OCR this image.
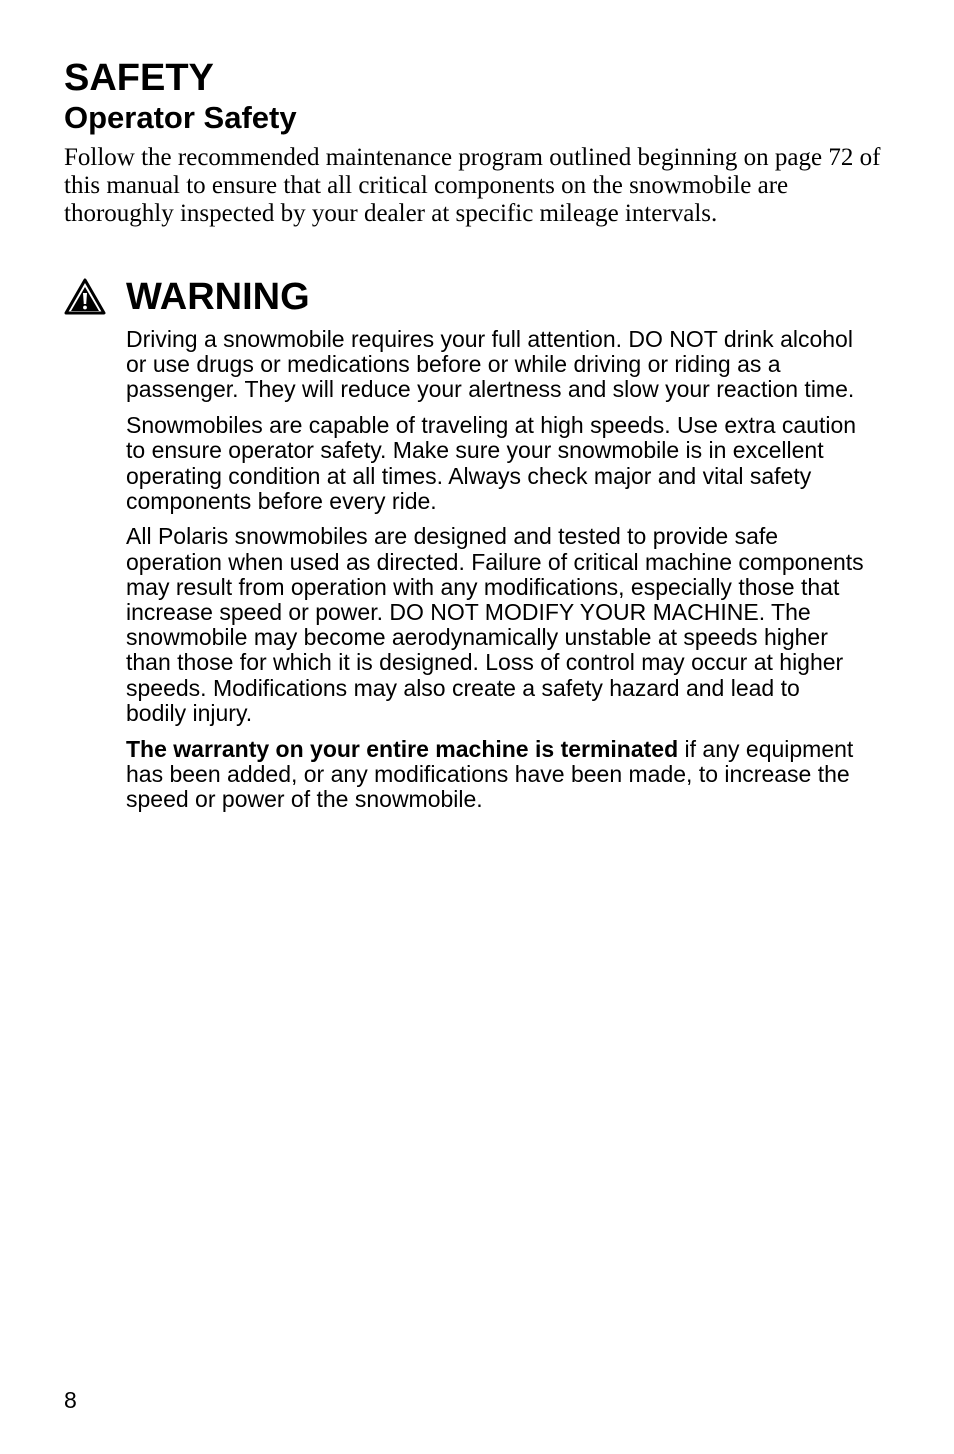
SAFETY
Operator Safety

Follow the recommended maintenance program outlined beginning on page 72 of this manual to ensure that all critical components on the snowmobile are thoroughly inspected by your dealer at specific mileage intervals.

WARNING

Driving a snowmobile requires your full attention. DO NOT drink alcohol or use drugs or medications before or while driving or riding as a passenger. They will reduce your alertness and slow your reaction time.

Snowmobiles are capable of traveling at high speeds. Use extra caution to ensure operator safety. Make sure your snowmobile is in excellent operating condition at all times. Always check major and vital safety components before every ride.

All Polaris snowmobiles are designed and tested to provide safe operation when used as directed. Failure of critical machine components may result from operation with any modifications, especially those that increase speed or power. DO NOT MODIFY YOUR MACHINE. The snowmobile may become aerodynamically unstable at speeds higher than those for which it is designed. Loss of control may occur at higher speeds. Modifications may also create a safety hazard and lead to bodily injury.

The warranty on your entire machine is terminated if any equipment has been added, or any modifications have been made, to increase the speed or power of the snowmobile.

8
